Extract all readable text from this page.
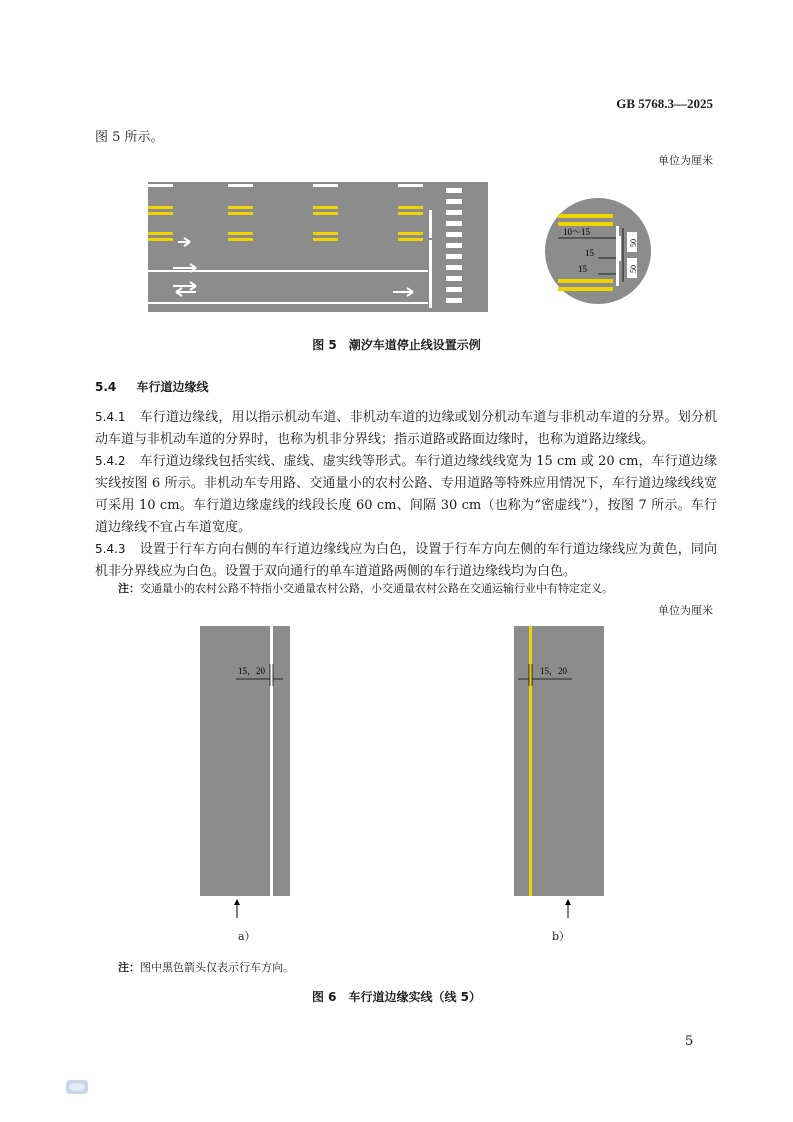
GB 5768.3—2025
图 5 所示。
单位为厘米
10～15
15
15
50
50
图 5　潮汐车道停止线设置示例
5.4 车行道边缘线
5.4.1 车行道边缘线，用以指示机动车道、非机动车道的边缘或划分机动车道与非机动车道的分界。划分机动车道与非机动车道的分界时，也称为机非分界线；指示道路或路面边缘时，也称为道路边缘线。
5.4.2 车行道边缘线包括实线、虚线、虚实线等形式。车行道边缘线线宽为 15 cm 或 20 cm，车行道边缘实线按图 6 所示。非机动车专用路、交通量小的农村公路、专用道路等特殊应用情况下，车行道边缘线线宽可采用 10 cm。车行道边缘虚线的线段长度 60 cm、间隔 30 cm（也称为“密虚线”），按图 7 所示。车行道边缘线不宜占车道宽度。
5.4.3 设置于行车方向右侧的车行道边缘线应为白色，设置于行车方向左侧的车行道边缘线应为黄色，同向机非分界线应为白色。设置于双向通行的单车道道路两侧的车行道边缘线均为白色。
注：交通量小的农村公路不特指小交通量农村公路，小交通量农村公路在交通运输行业中有特定定义。
单位为厘米
15，20
a）
15，20
b）
注：图中黑色箭头仅表示行车方向。
图 6　车行道边缘实线（线 5）
5
